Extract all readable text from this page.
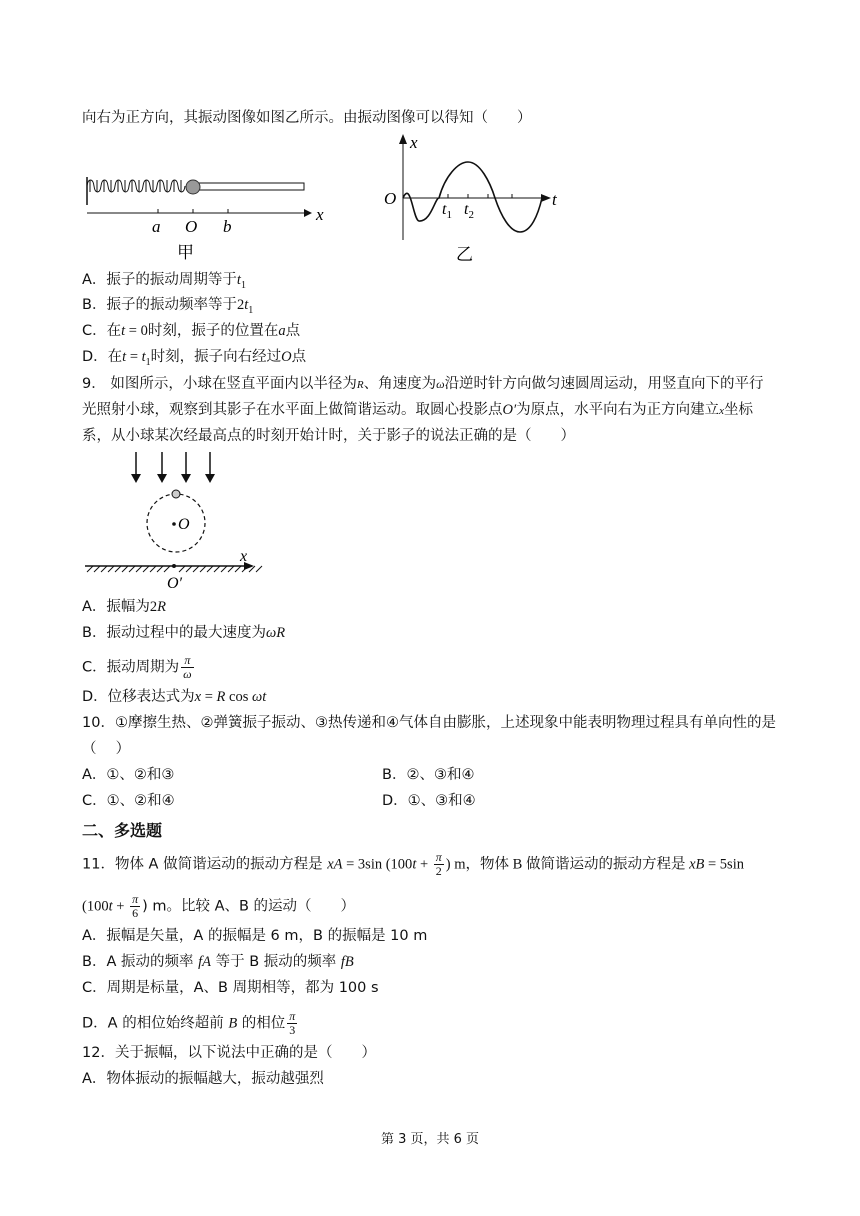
向右为正方向，其振动图像如图乙所示。由振动图像可以得知（　　）
a O b
x
甲
x
O
$t_1$ $t_2$
t
乙
A．振子的振动周期等于$t_1$
B．振子的振动频率等于$2t_1$
C．在t = 0时刻，振子的位置在a点
D．在$t = t_1$时刻，振子向右经过O点
9． 如图所示，小球在竖直平面内以半径为R、角速度为ω沿逆时针方向做匀速圆周运动，用竖直向下的平行
光照射小球，观察到其影子在水平面上做简谐运动。取圆心投影点O′为原点，水平向右为正方向建立x坐标
系，从小球某次经最高点的时刻开始计时，关于影子的说法正确的是（　　）
O
x
O′
A．振幅为2R
B．振动过程中的最大速度为ωR
C．振动周期为 $\frac{\pi}{\omega}$
D．位移表达式为x = R cos ωt
10．①摩擦生热、②弹簧振子振动、③热传递和④气体自由膨胀，上述现象中能表明物理过程具有单向性的是
（　 ）
A．①、②和③	B．②、③和④
C．①、②和④	D．①、③和④
二、多选题
11．物体 A 做简谐运动的振动方程是 xA = 3sin ($100t + \frac{\pi}{2}$ ) m，物体 B 做简谐运动的振动方程是 xB = 5sin
($100t + \frac{\pi}{6}$ ) m。比较 A、B 的运动（　　）
A．振幅是矢量，A 的振幅是 6 m，B 的振幅是 10 m
B．A 振动的频率 fA 等于 B 振动的频率 fB
C．周期是标量，A、B 周期相等，都为 100 s
D．A 的相位始终超前 B 的相位 $\frac{\pi}{3}$
12．关于振幅，以下说法中正确的是（　　）
A．物体振动的振幅越大，振动越强烈
第 3 页，共 6 页
